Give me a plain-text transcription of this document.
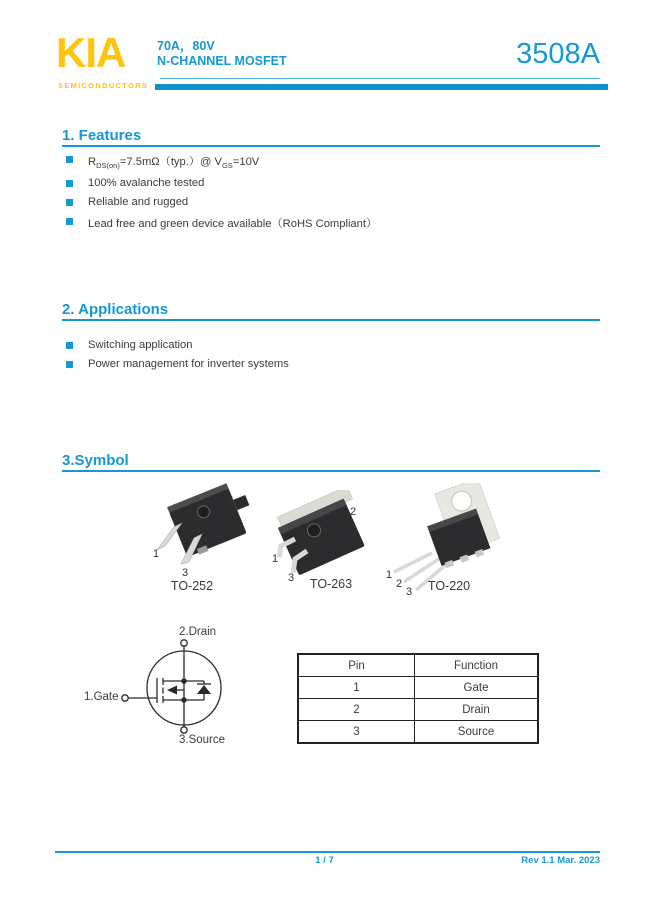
KIA
SEMICONDUCTORS
70A，80V
N-CHANNEL MOSFET	3508A
1. Features
$R_{DS(on)}=7.5m\Omega(typ.)@$ $V_{GS}=10V$
100% avalanche tested
Reliable and rugged
Lead free and green device available（RoHS Compliant）
2. Applications
Switching application
Power management for inverter systems
3.Symbol
2
1
3
TO-252
2
1
3	TO-263
1
2
3	TO-220
2.Drain
1.Gate
3.Source
Pin	Function
1	Gate
2	Drain
3	Source
1 / 7	Rev 1.1 Mar. 2023
